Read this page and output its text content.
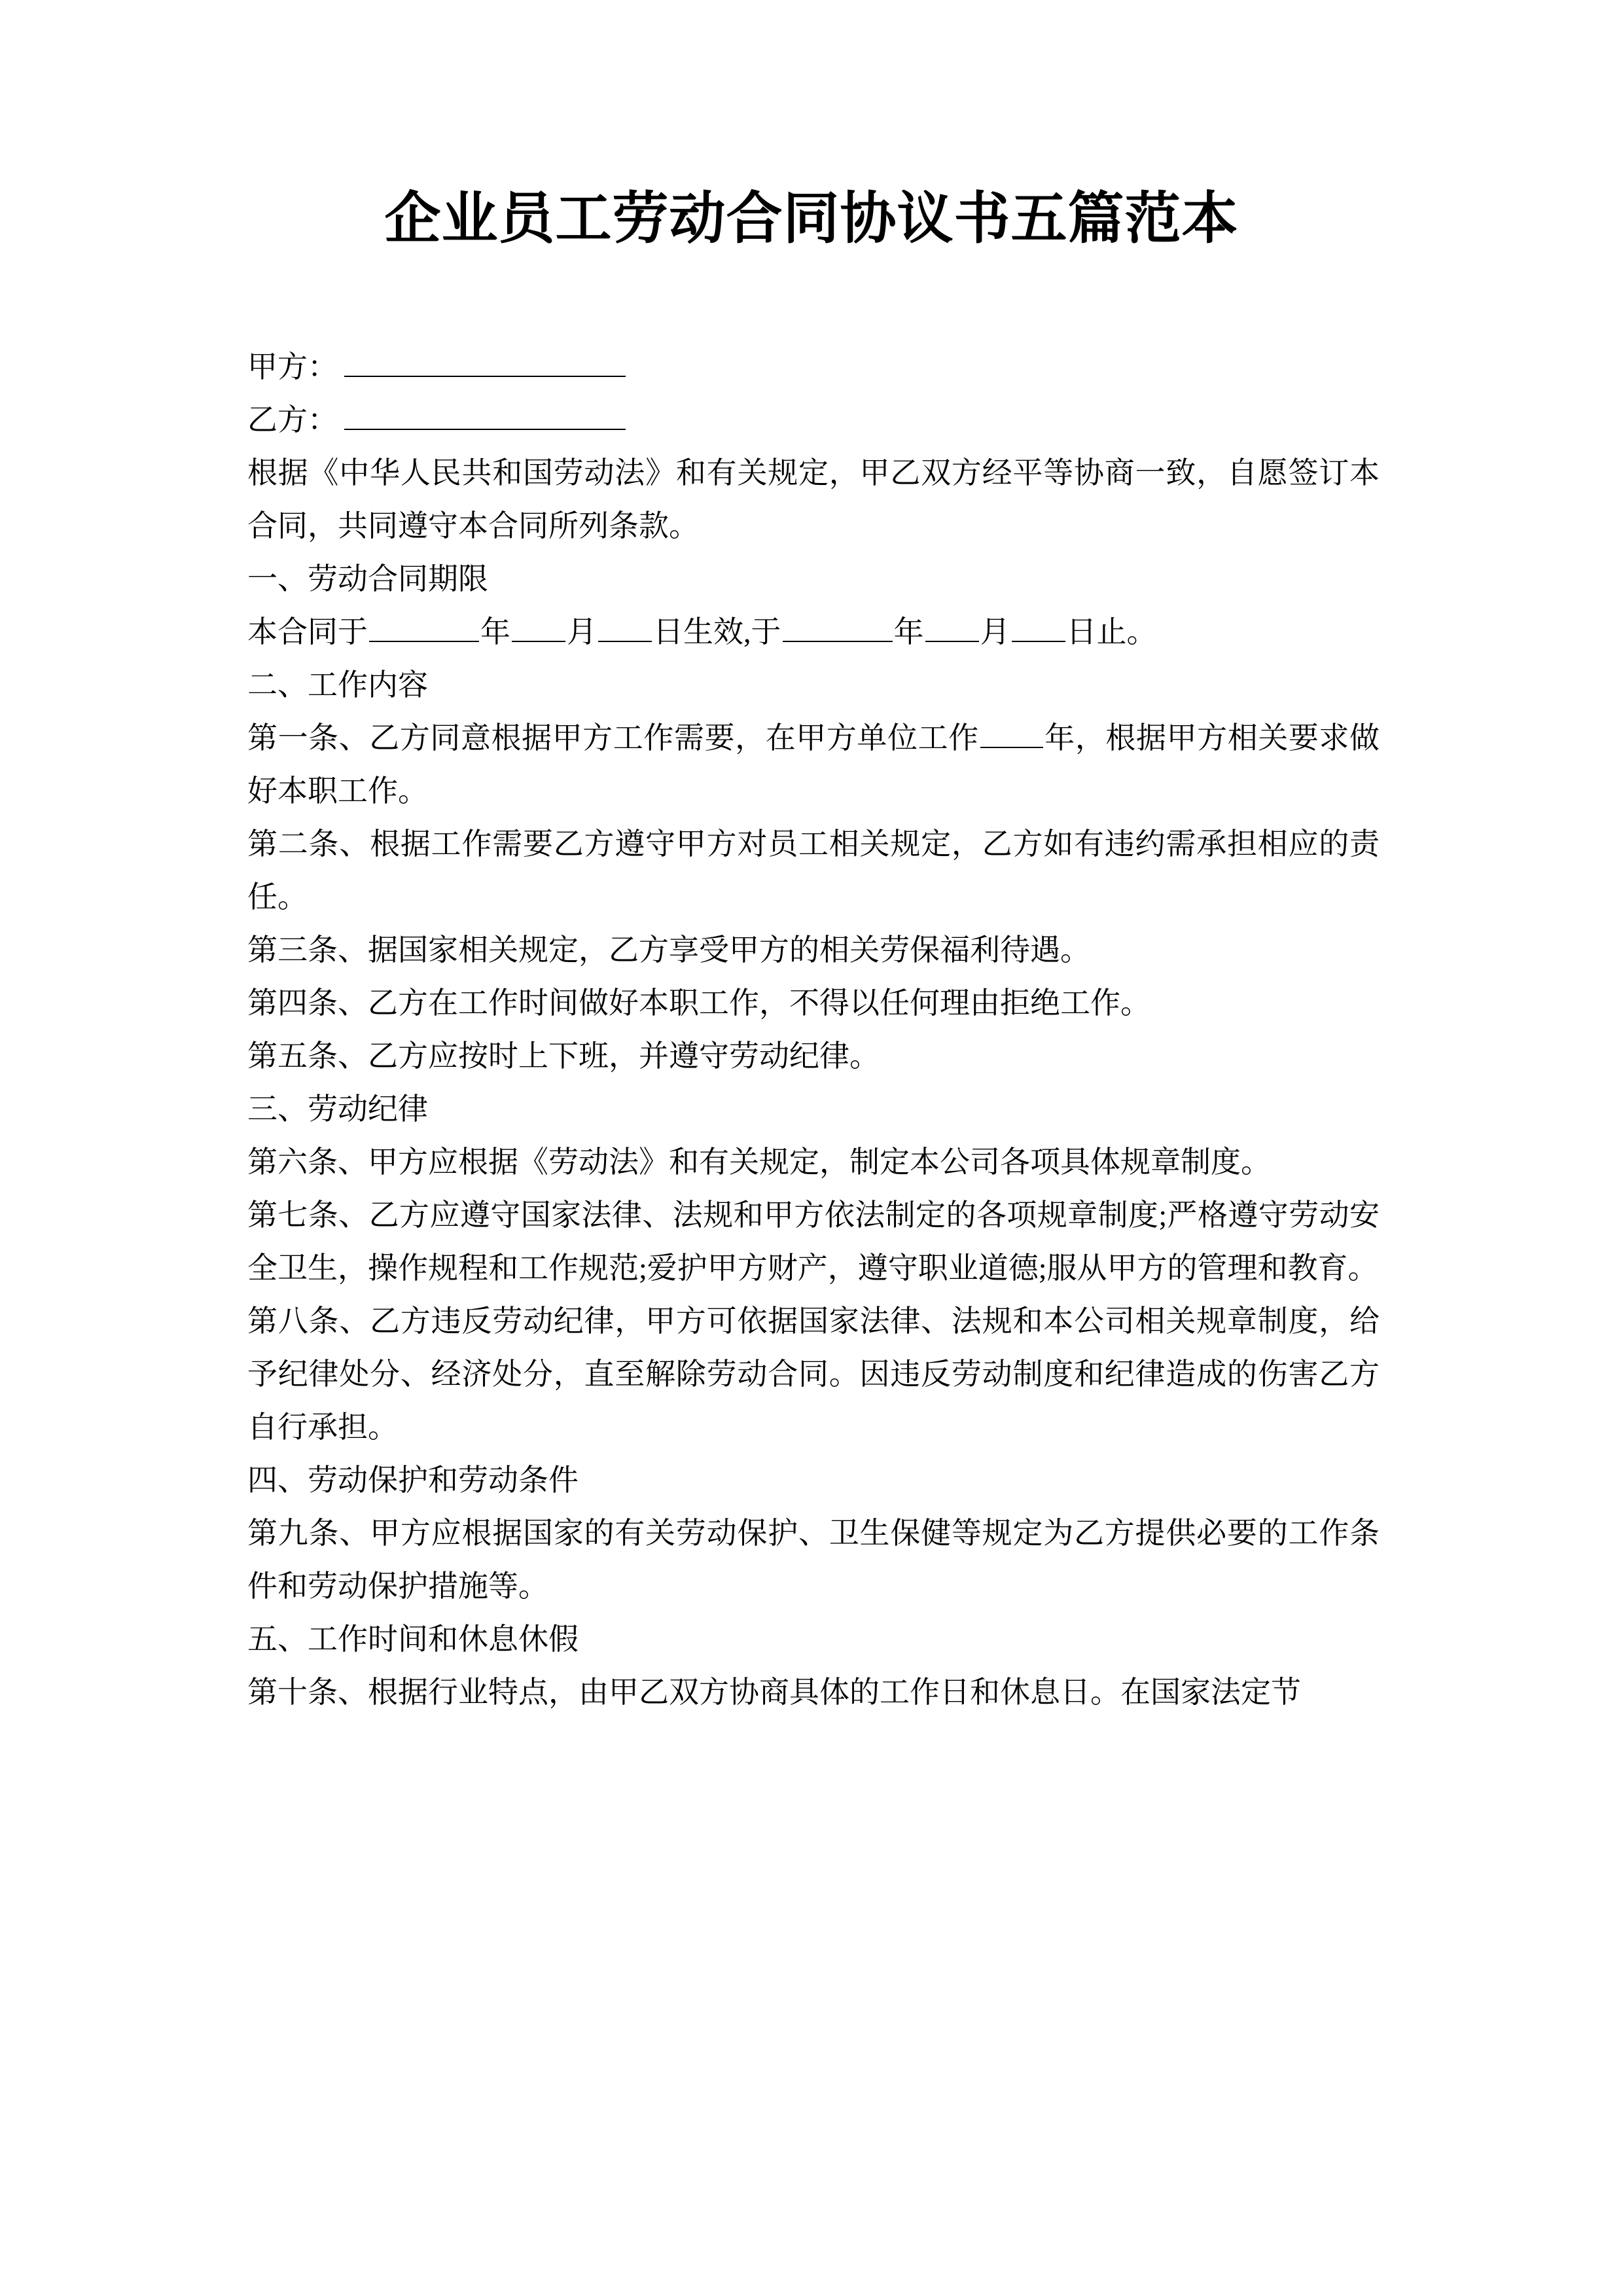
企业员工劳动合同协议书五篇范本
甲方：
乙方：
根据《中华人民共和国劳动法》和有关规定，甲乙双方经平等协商一致，自愿签订本合同，共同遵守本合同所列条款。
一、劳动合同期限
本合同于	年 月 日生效,于	年 月 日止。
二、工作内容
第一条、乙方同意根据甲方工作需要，在甲方单位工作 年，根据甲方相关要求做好本职工作。
第二条、根据工作需要乙方遵守甲方对员工相关规定，乙方如有违约需承担相应的责任。
第三条、据国家相关规定，乙方享受甲方的相关劳保福利待遇。
第四条、乙方在工作时间做好本职工作，不得以任何理由拒绝工作。
第五条、乙方应按时上下班，并遵守劳动纪律。
三、劳动纪律
第六条、甲方应根据《劳动法》和有关规定，制定本公司各项具体规章制度。
第七条、乙方应遵守国家法律、法规和甲方依法制定的各项规章制度;严格遵守劳动安全卫生，操作规程和工作规范;爱护甲方财产，遵守职业道德;服从甲方的管理和教育。
第八条、乙方违反劳动纪律，甲方可依据国家法律、法规和本公司相关规章制度，给予纪律处分、经济处分，直至解除劳动合同。因违反劳动制度和纪律造成的伤害乙方自行承担。
四、劳动保护和劳动条件
第九条、甲方应根据国家的有关劳动保护、卫生保健等规定为乙方提供必要的工作条件和劳动保护措施等。
五、工作时间和休息休假
第十条、根据行业特点，由甲乙双方协商具体的工作日和休息日。在国家法定节
